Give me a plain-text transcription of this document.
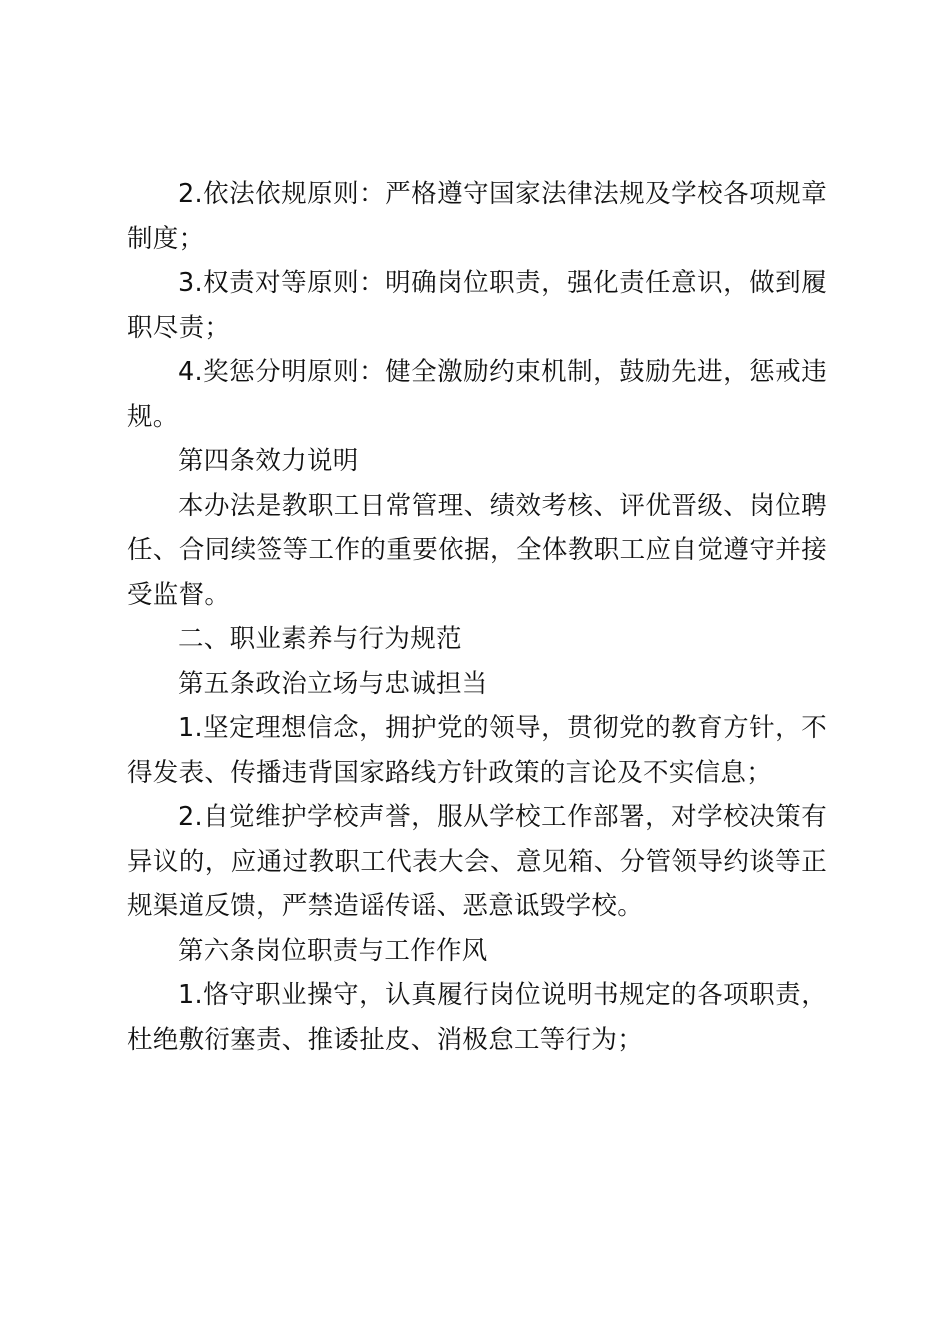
2.依法依规原则：严格遵守国家法律法规及学校各项规章制度；

3.权责对等原则：明确岗位职责，强化责任意识，做到履职尽责；

4.奖惩分明原则：健全激励约束机制，鼓励先进，惩戒违规。

第四条效力说明

本办法是教职工日常管理、绩效考核、评优晋级、岗位聘任、合同续签等工作的重要依据，全体教职工应自觉遵守并接受监督。

二、职业素养与行为规范

第五条政治立场与忠诚担当

1.坚定理想信念，拥护党的领导，贯彻党的教育方针，不得发表、传播违背国家路线方针政策的言论及不实信息；

2.自觉维护学校声誉，服从学校工作部署，对学校决策有异议的，应通过教职工代表大会、意见箱、分管领导约谈等正规渠道反馈，严禁造谣传谣、恶意诋毁学校。

第六条岗位职责与工作作风

1.恪守职业操守，认真履行岗位说明书规定的各项职责，杜绝敷衍塞责、推诿扯皮、消极怠工等行为；
